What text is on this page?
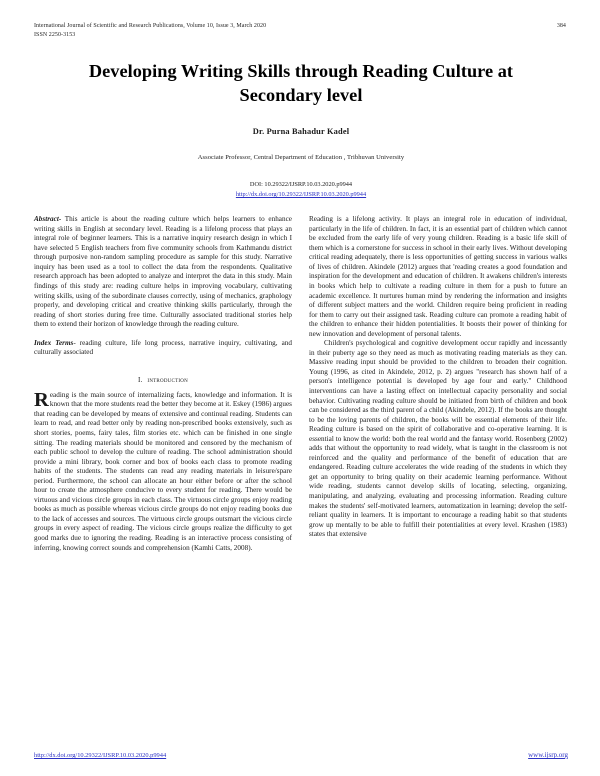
International Journal of Scientific and Research Publications, Volume 10, Issue 3, March 2020
ISSN 2250-3153
384
Developing Writing Skills through Reading Culture at Secondary level
Dr. Purna Bahadur Kadel
Associate Professor, Central Department of Education , Tribhuvan University
DOI: 10.29322/IJSRP.10.03.2020.p9944
http://dx.doi.org/10.29322/IJSRP.10.03.2020.p9944

Abstract- This article is about the reading culture which helps learners to enhance writing skills in English at secondary level. Reading is a lifelong process that plays an integral role of beginner learners. This is a narrative inquiry research design in which I have selected 5 English teachers from five community schools from Kathmandu district through purposive non-random sampling procedure as sample for this study. Narrative inquiry has been used as a tool to collect the data from the respondents. Qualitative research approach has been adopted to analyze and interpret the data in this study. Main findings of this study are: reading culture helps in improving vocabulary, cultivating writing skills, using of the subordinate clauses correctly, using of mechanics, graphology properly, and developing critical and creative thinking skills particularly, through the reading of short stories during free time. Culturally associated traditional stories help them to extend their horizon of knowledge through the reading culture.

Index Terms- reading culture, life long process, narrative inquiry, cultivating, and culturally associated

I. introduction

Reading is the main source of internalizing facts, knowledge and information. It is known that the more students read the better they become at it. Eskey (1986) argues that reading can be developed by means of extensive and continual reading. Students can learn to read, and read better only by reading non-prescribed books extensively, such as short stories, poems, fairy tales, film stories etc. which can be finished in one single sitting. The reading materials should be monitored and censored by the mechanism of each public school to develop the culture of reading. The school administration should provide a mini library, book corner and box of books each class to promote reading habits of the students. The students can read any reading materials in leisure/spare period. Furthermore, the school can allocate an hour either before or after the school hour to create the atmosphere conducive to every student for reading. There would be virtuous and vicious circle groups in each class. The virtuous circle groups enjoy reading books as much as possible whereas vicious circle groups do not enjoy reading books due to the lack of accesses and sources. The virtuous circle groups outsmart the vicious circle groups in every aspect of reading. The vicious circle groups realize the difficulty to get good marks due to ignoring the reading. Reading is an interactive process consisting of inferring, knowing correct sounds and comprehension (Kamhi Catts, 2008).

Reading is a lifelong activity. It plays an integral role in education of individual, particularly in the life of children. In fact, it is an essential part of children which cannot be excluded from the early life of very young children. Reading is a basic life skill of them which is a cornerstone for success in school in their early lives. Without developing critical reading adequately, there is less opportunities of getting success in various walks of lives of children. Akindele (2012) argues that 'reading creates a good foundation and inspiration for the development and education of children. It awakens children's interests in books which help to cultivate a reading culture in them for a push to future an academic excellence. It nurtures human mind by rendering the information and insights of different subject matters and the world. Children require being proficient in reading for them to carry out their assigned task. Reading culture can promote a reading habit of the children to enhance their hidden potentialities. It boosts their power of thinking for new innovation and development of personal talents.

Children's psychological and cognitive development occur rapidly and incessantly in their puberty age so they need as much as motivating reading materials as they can. Massive reading input should be provided to the children to broaden their cognition. Young (1996, as cited in Akindele, 2012, p. 2) argues "research has shown half of a person's intelligence potential is developed by age four and early." Childhood interventions can have a lasting effect on intellectual capacity personality and social behavior. Cultivating reading culture should be initiated from birth of children and book can be considered as the third parent of a child (Akindele, 2012). If the books are thought to be the loving parents of children, the books will be essential elements of their life. Reading culture is based on the spirit of collaborative and co-operative learning. It is essential to know the world: both the real world and the fantasy world. Rosenberg (2002) adds that without the opportunity to read widely, what is taught in the classroom is not reinforced and the quality and performance of the benefit of education that are endangered. Reading culture accelerates the wide reading of the students in which they get an opportunity to bring quality on their academic learning performance. Without wide reading, students cannot develop skills of locating, selecting, organizing, manipulating, and analyzing, evaluating and processing information. Reading culture makes the students' self-motivated learners, automatization in learning; develop the self-reliant quality in learners. It is important to encourage a reading habit so that students grow up mentally to be able to fulfill their potentialities at every level. Krashen (1983) states that extensive

http://dx.doi.org/10.29322/IJSRP.10.03.2020.p9944	www.ijsrp.org
